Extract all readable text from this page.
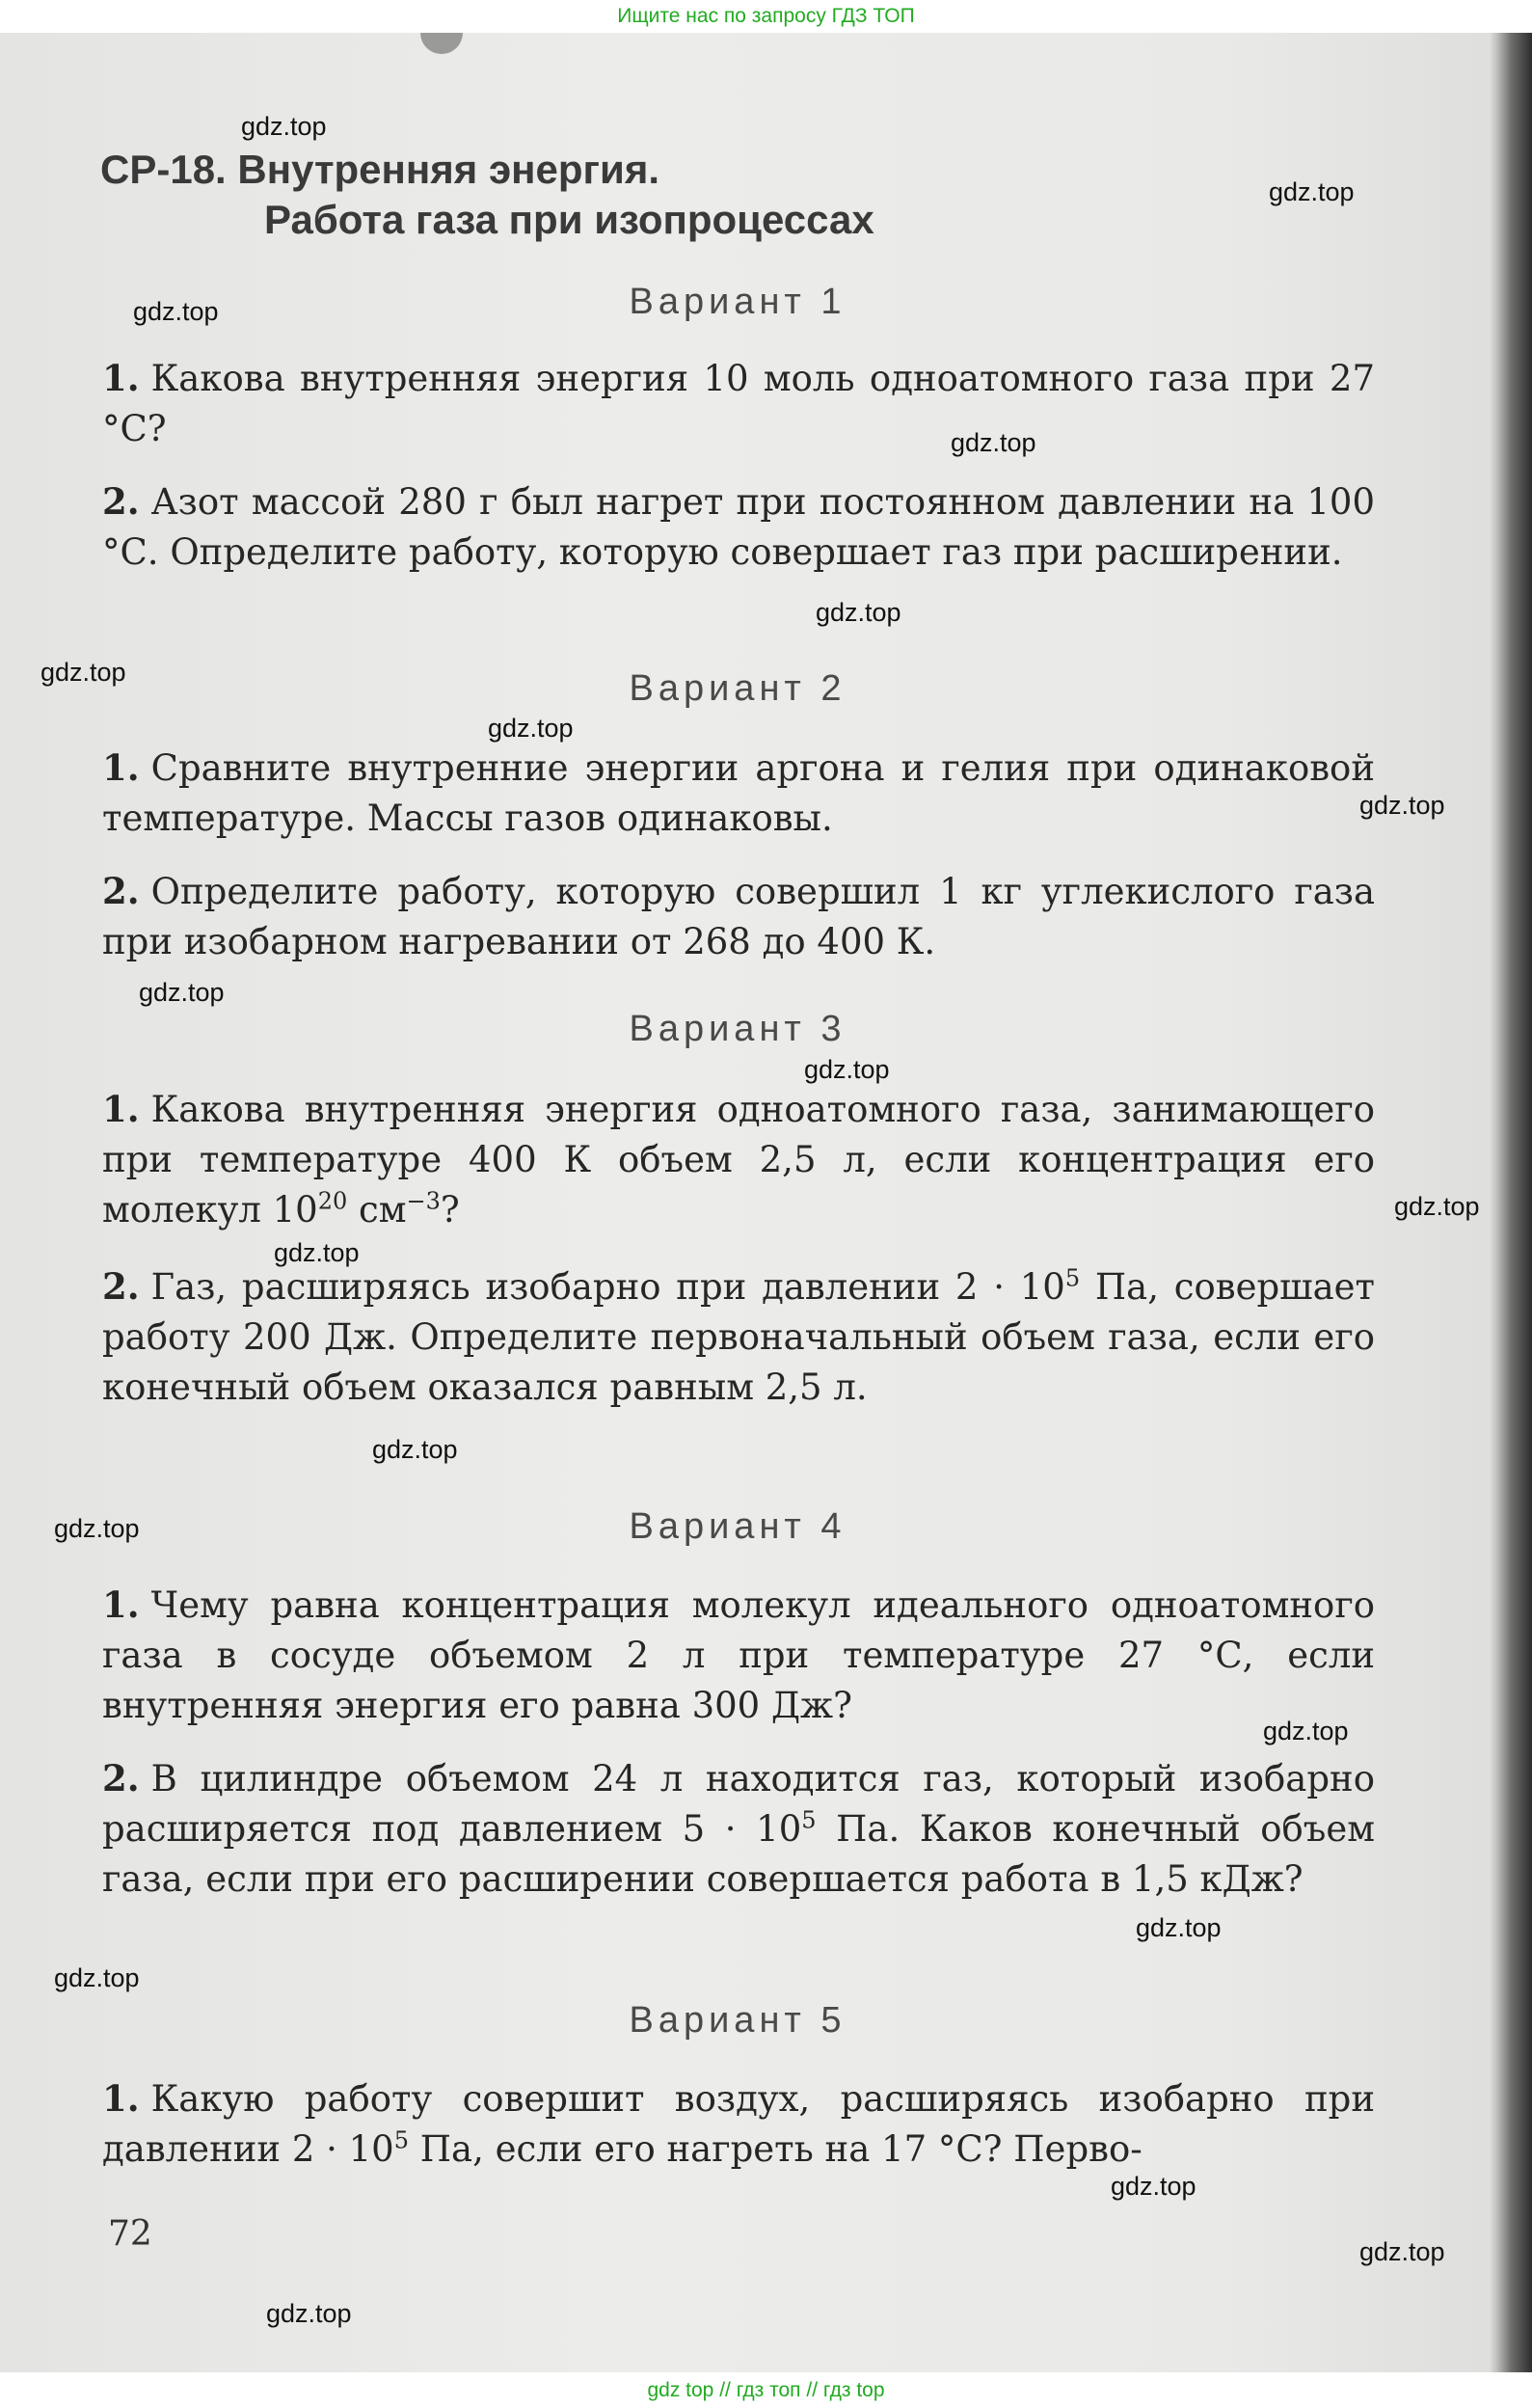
Ищите нас по запросу ГДЗ ТОП
СР-18. Внутренняя энергия.
Работа газа при изопроцессах
Вариант 1
1. Какова внутренняя энергия 10 моль одноатомного газа при 27 °С?
2. Азот массой 280 г был нагрет при постоянном давлении на 100 °С. Определите работу, которую совершает газ при расширении.
Вариант 2
1. Сравните внутренние энергии аргона и гелия при одинаковой температуре. Массы газов одинаковы.
2. Определите работу, которую совершил 1 кг углекислого газа при изобарном нагревании от 268 до 400 К.
Вариант 3
1. Какова внутренняя энергия одноатомного газа, занимающего при температуре 400 К объем 2,5 л, если концентрация его молекул $10^{20}$ $см^{-3}$?
2. Газ, расширяясь изобарно при давлении $2 \cdot 10^5$ Па, совершает работу 200 Дж. Определите первоначальный объем газа, если его конечный объем оказался равным 2,5 л.
Вариант 4
1. Чему равна концентрация молекул идеального одноатомного газа в сосуде объемом 2 л при температуре 27 °С, если внутренняя энергия его равна 300 Дж?
2. В цилиндре объемом 24 л находится газ, который изобарно расширяется под давлением $5 \cdot 10^5$ Па. Каков конечный объем газа, если при его расширении совершается работа в 1,5 кДж?
Вариант 5
1. Какую работу совершит воздух, расширяясь изобарно при давлении $2 \cdot 10^5$ Па, если его нагреть на 17 °С? Перво-
72
gdz.top
gdz.top
gdz.top
gdz.top
gdz.top
gdz.top
gdz.top
gdz.top
gdz.top
gdz.top
gdz.top
gdz.top
gdz.top
gdz.top
gdz.top
gdz.top
gdz.top
gdz.top
gdz.top
gdz.top
gdz top // гдз топ // гдз top
